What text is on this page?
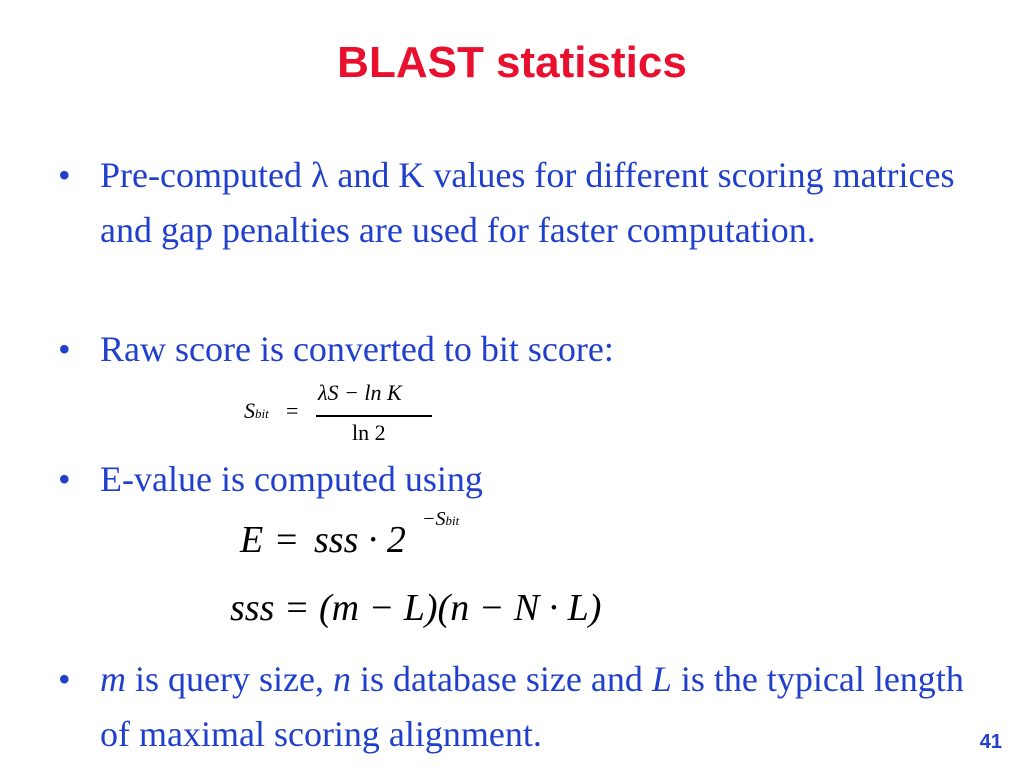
BLAST statistics
• Pre-computed λ and K values for different scoring matrices and gap penalties are used for faster computation.
• Raw score is converted to bit score:
Sbit =
λS − ln K
ln 2
• E-value is computed using
E = sss · 2 −Sbit
sss = (m − L)(n − N · L)
• m is query size, n is database size and L is the typical length of maximal scoring alignment.	41
